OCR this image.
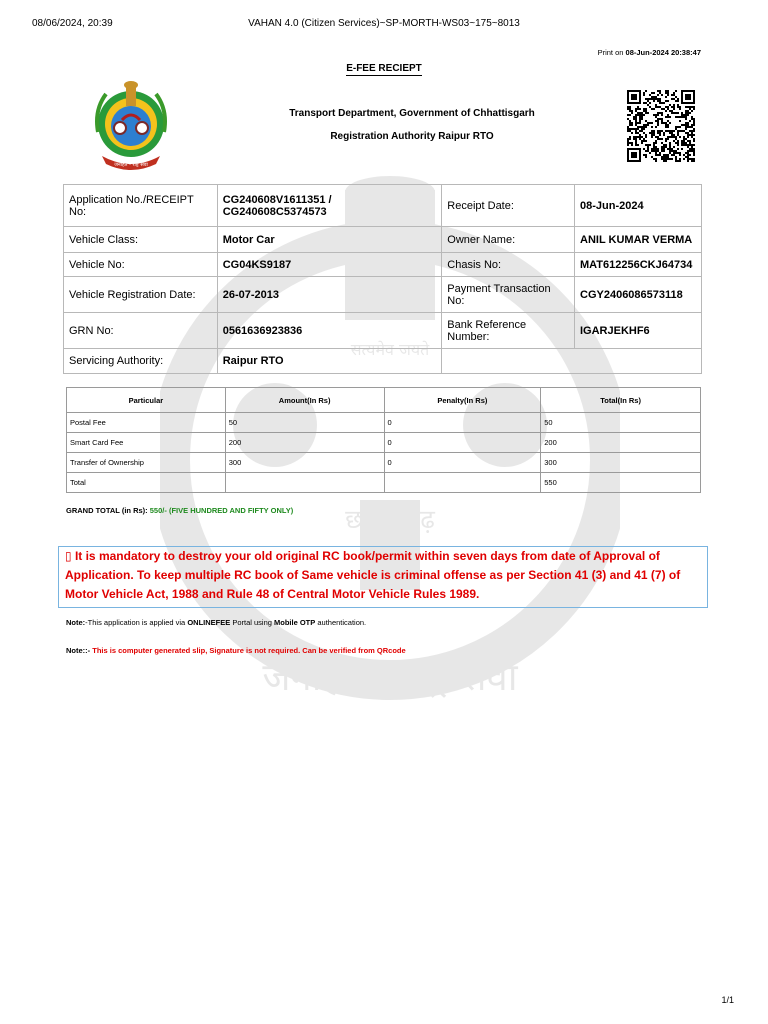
08/06/2024, 20:39	VAHAN 4.0 (Citizen Services)~SP-MORTH-WS03~175~8013
सत्यमेव जयते
छत्तीसगढ़
जनहित - राष्ट्र सेवा
Print on 08-Jun-2024 20:38:47
E-FEE RECIEPT
जनहित - राष्ट्र सेवा
Transport Department, Government of Chhattisgarh
Registration Authority Raipur RTO
Application No./RECEIPT No:	CG240608V1611351 / CG240608C5374573	Receipt Date:	08-Jun-2024
Vehicle Class:	Motor Car	Owner Name:	ANIL KUMAR VERMA
Vehicle No:	CG04KS9187	Chasis No:	MAT612256CKJ64734
Vehicle Registration Date:	26-07-2013	Payment Transaction No:	CGY2406086573118
GRN No:	0561636923836	Bank Reference Number:	IGARJEKHF6
Servicing Authority:	Raipur RTO		
Particular	Amount(In Rs)	Penalty(In Rs)	Total(In Rs)
Postal Fee	50	0	50
Smart Card Fee	200	0	200
Transfer of Ownership	300	0	300
Total			550
GRAND TOTAL (in Rs): 550/- (FIVE HUNDRED AND FIFTY ONLY)
▯ It is mandatory to destroy your old original RC book/permit within seven days from date of Approval of Application. To keep multiple RC book of Same vehicle is criminal offense as per Section 41 (3) and 41 (7) of Motor Vehicle Act, 1988 and Rule 48 of Central Motor Vehicle Rules 1989.
Note:-This application is applied via ONLINEFEE Portal using Mobile OTP authentication.
Note::- This is computer generated slip, Signature is not required. Can be verified from QRcode
1/1
